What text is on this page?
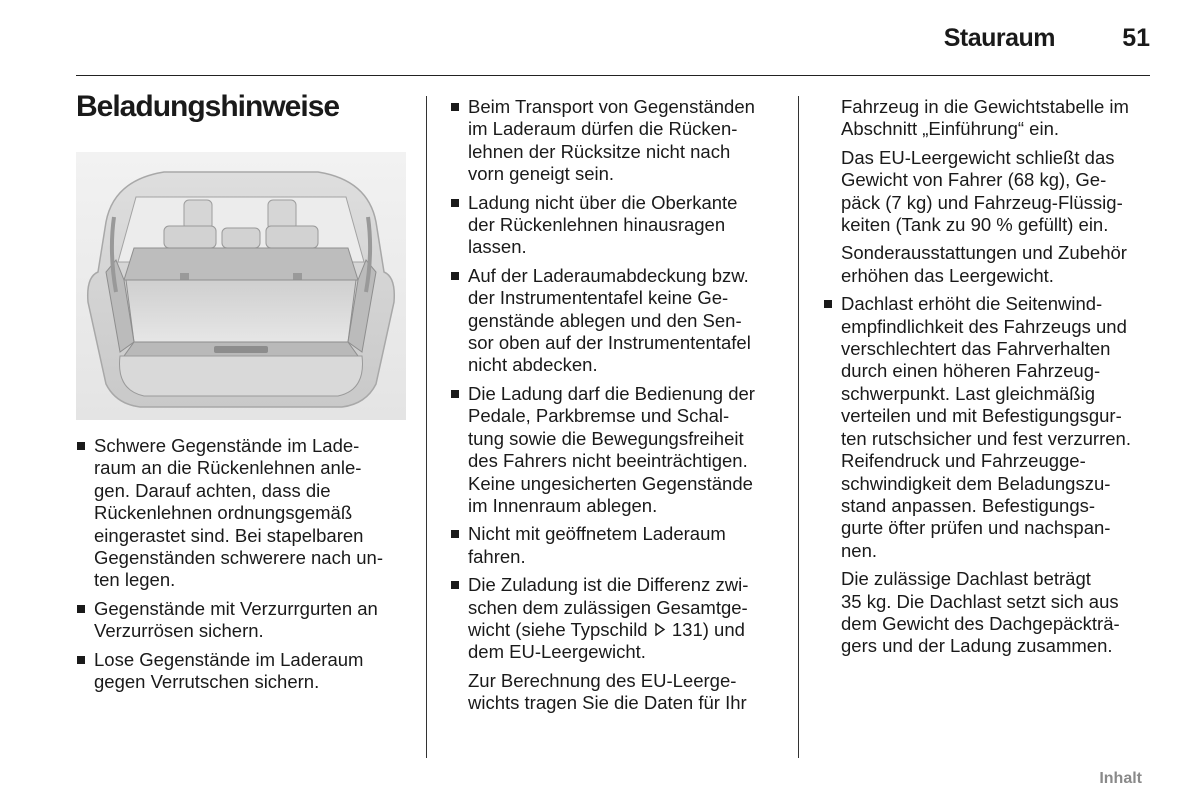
Stauraum	51
Beladungshinweise
Schwere Gegenstände im Lade-
raum an die Rückenlehnen anle-
gen. Darauf achten, dass die
Rückenlehnen ordnungsgemäß
eingerastet sind. Bei stapelbaren
Gegenständen schwerere nach un-
ten legen.
Gegenstände mit Verzurrgurten an
Verzurrösen sichern.
Lose Gegenstände im Laderaum
gegen Verrutschen sichern.
Beim Transport von Gegenständen
im Laderaum dürfen die Rücken-
lehnen der Rücksitze nicht nach
vorn geneigt sein.
Ladung nicht über die Oberkante
der Rückenlehnen hinausragen
lassen.
Auf der Laderaumabdeckung bzw.
der Instrumententafel keine Ge-
genstände ablegen und den Sen-
sor oben auf der Instrumententafel
nicht abdecken.
Die Ladung darf die Bedienung der
Pedale, Parkbremse und Schal-
tung sowie die Bewegungsfreiheit
des Fahrers nicht beeinträchtigen.
Keine ungesicherten Gegenstände
im Innenraum ablegen.
Nicht mit geöffnetem Laderaum
fahren.
Die Zuladung ist die Differenz zwi-
schen dem zulässigen Gesamtge-
wicht (siehe Typschild 131) und
dem EU-Leergewicht.
Zur Berechnung des EU-Leerge-
wichts tragen Sie die Daten für Ihr
Fahrzeug in die Gewichtstabelle im
Abschnitt „Einführung“ ein.
Das EU-Leergewicht schließt das
Gewicht von Fahrer (68 kg), Ge-
päck (7 kg) und Fahrzeug-Flüssig-
keiten (Tank zu 90 % gefüllt) ein.
Sonderausstattungen und Zubehör
erhöhen das Leergewicht.
Dachlast erhöht die Seitenwind-
empfindlichkeit des Fahrzeugs und
verschlechtert das Fahrverhalten
durch einen höheren Fahrzeug-
schwerpunkt. Last gleichmäßig
verteilen und mit Befestigungsgur-
ten rutschsicher und fest verzurren.
Reifendruck und Fahrzeugge-
schwindigkeit dem Beladungszu-
stand anpassen. Befestigungs-
gurte öfter prüfen und nachspan-
nen.
Die zulässige Dachlast beträgt
35 kg. Die Dachlast setzt sich aus
dem Gewicht des Dachgepäckträ-
gers und der Ladung zusammen.
Inhalt
